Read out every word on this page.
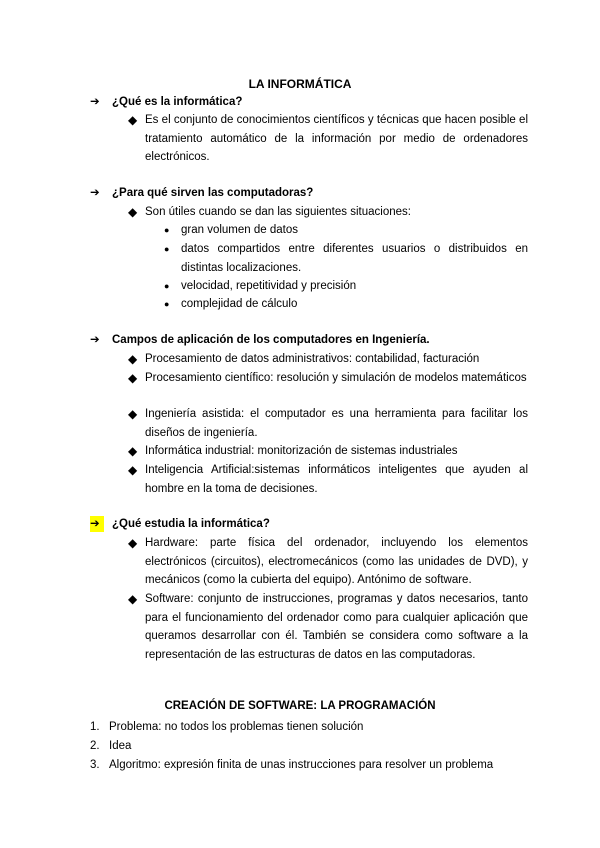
LA INFORMÁTICA
➔ ¿Qué es la informática?
◆ Es el conjunto de conocimientos científicos y técnicas que hacen posible el tratamiento automático de la información por medio de ordenadores electrónicos.
➔ ¿Para qué sirven las computadoras?
◆ Son útiles cuando se dan las siguientes situaciones:
● gran volumen de datos
● datos compartidos entre diferentes usuarios o distribuidos en distintas localizaciones.
● velocidad, repetitividad y precisión
● complejidad de cálculo
➔ Campos de aplicación de los computadores en Ingeniería.
◆ Procesamiento de datos administrativos: contabilidad, facturación
◆ Procesamiento científico: resolución y simulación de modelos matemáticos
◆ Ingeniería asistida: el computador es una herramienta para facilitar los diseños de ingeniería.
◆ Informática industrial: monitorización de sistemas industriales
◆ Inteligencia Artificial:sistemas informáticos inteligentes que ayuden al hombre en la toma de decisiones.
➔ ¿Qué estudia la informática?
◆ Hardware: parte física del ordenador, incluyendo los elementos electrónicos (circuitos), electromecánicos (como las unidades de DVD), y mecánicos (como la cubierta del equipo). Antónimo de software.
◆ Software: conjunto de instrucciones, programas y datos necesarios, tanto para el funcionamiento del ordenador como para cualquier aplicación que queramos desarrollar con él. También se considera como software a la representación de las estructuras de datos en las computadoras.
CREACIÓN DE SOFTWARE: LA PROGRAMACIÓN
1. Problema: no todos los problemas tienen solución
2. Idea
3. Algoritmo: expresión finita de unas instrucciones para resolver un problema
